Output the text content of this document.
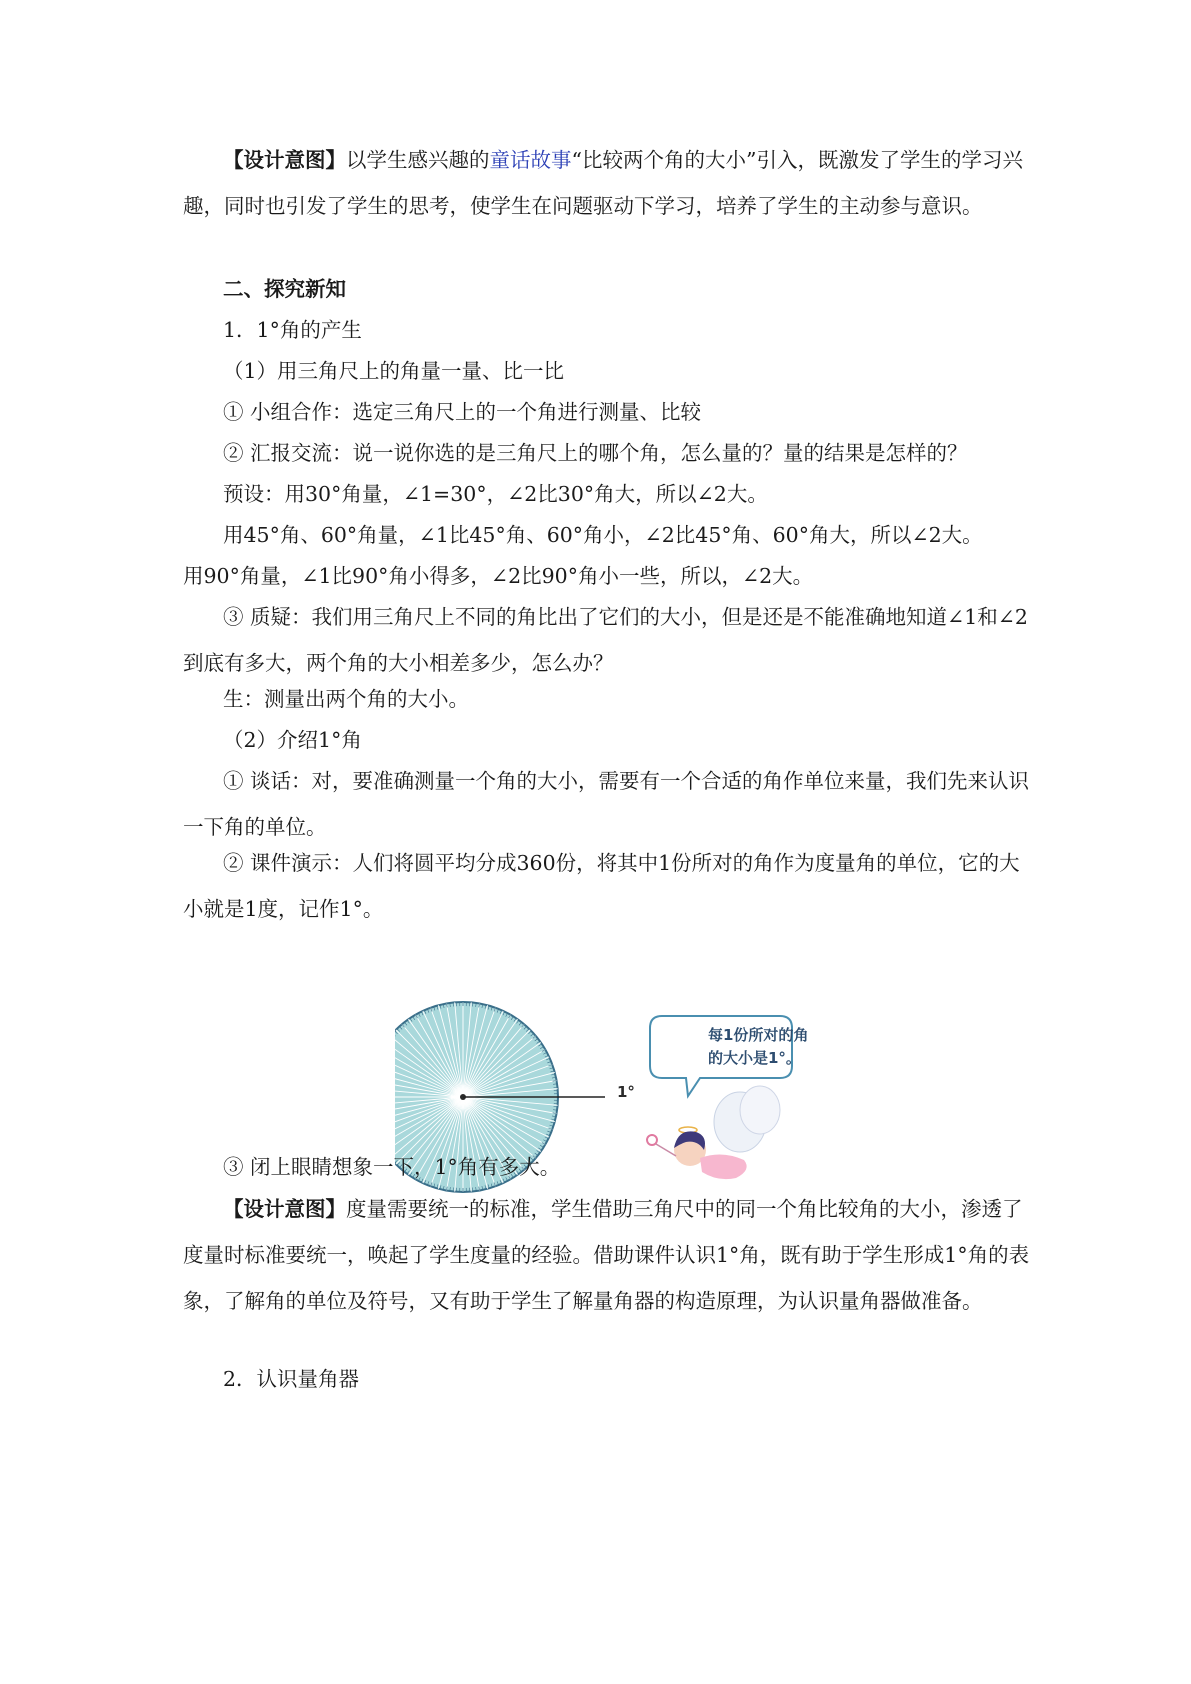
【设计意图】以学生感兴趣的童话故事“比较两个角的大小”引入，既激发了学生的学习兴趣，同时也引发了学生的思考，使学生在问题驱动下学习，培养了学生的主动参与意识。

二、探究新知

1．1°角的产生

（1）用三角尺上的角量一量、比一比

① 小组合作：选定三角尺上的一个角进行测量、比较

② 汇报交流：说一说你选的是三角尺上的哪个角，怎么量的？量的结果是怎样的？

预设：用30°角量，∠1=30°，∠2比30°角大，所以∠2大。

用45°角、60°角量，∠1比45°角、60°角小，∠2比45°角、60°角大，所以∠2大。

用90°角量，∠1比90°角小得多，∠2比90°角小一些，所以，∠2大。

③ 质疑：我们用三角尺上不同的角比出了它们的大小，但是还是不能准确地知道∠1和∠2到底有多大，两个角的大小相差多少，怎么办？

生：测量出两个角的大小。

（2）介绍1°角

① 谈话：对，要准确测量一个角的大小，需要有一个合适的角作单位来量，我们先来认识一下角的单位。

② 课件演示：人们将圆平均分成360份，将其中1份所对的角作为度量角的单位，它的大小就是1度，记作1°。

1°
每1份所对的角
的大小是1°。

③ 闭上眼睛想象一下，1°角有多大。

【设计意图】度量需要统一的标准，学生借助三角尺中的同一个角比较角的大小，渗透了度量时标准要统一，唤起了学生度量的经验。借助课件认识1°角，既有助于学生形成1°角的表象，了解角的单位及符号，又有助于学生了解量角器的构造原理，为认识量角器做准备。

2．认识量角器
